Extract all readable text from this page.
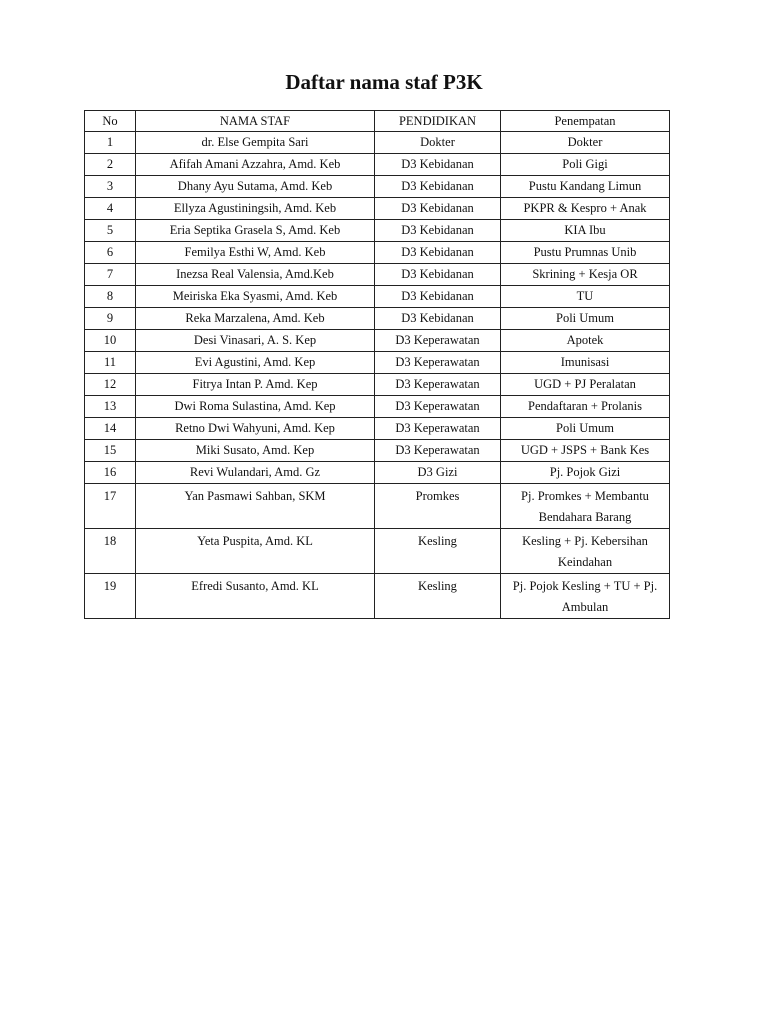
Daftar nama staf P3K
No	NAMA STAF	PENDIDIKAN	Penempatan
1	dr. Else Gempita Sari	Dokter	Dokter
2	Afifah Amani Azzahra, Amd. Keb	D3 Kebidanan	Poli Gigi
3	Dhany Ayu Sutama, Amd. Keb	D3 Kebidanan	Pustu Kandang Limun
4	Ellyza Agustiningsih, Amd. Keb	D3 Kebidanan	PKPR & Kespro + Anak
5	Eria Septika Grasela S, Amd. Keb	D3 Kebidanan	KIA Ibu
6	Femilya Esthi W, Amd. Keb	D3 Kebidanan	Pustu Prumnas Unib
7	Inezsa Real Valensia, Amd.Keb	D3 Kebidanan	Skrining + Kesja OR
8	Meiriska Eka Syasmi, Amd. Keb	D3 Kebidanan	TU
9	Reka Marzalena, Amd. Keb	D3 Kebidanan	Poli Umum
10	Desi Vinasari, A. S. Kep	D3 Keperawatan	Apotek
11	Evi Agustini, Amd. Kep	D3 Keperawatan	Imunisasi
12	Fitrya Intan P. Amd. Kep	D3 Keperawatan	UGD + PJ Peralatan
13	Dwi Roma Sulastina, Amd. Kep	D3 Keperawatan	Pendaftaran + Prolanis
14	Retno Dwi Wahyuni, Amd. Kep	D3 Keperawatan	Poli Umum
15	Miki Susato, Amd. Kep	D3 Keperawatan	UGD + JSPS + Bank Kes
16	Revi Wulandari, Amd. Gz	D3 Gizi	Pj. Pojok Gizi
17	Yan Pasmawi Sahban, SKM	Promkes	Pj. Promkes + Membantu Bendahara Barang
18	Yeta Puspita, Amd. KL	Kesling	Kesling + Pj. Kebersihan Keindahan
19	Efredi Susanto, Amd. KL	Kesling	Pj. Pojok Kesling + TU + Pj. Ambulan
